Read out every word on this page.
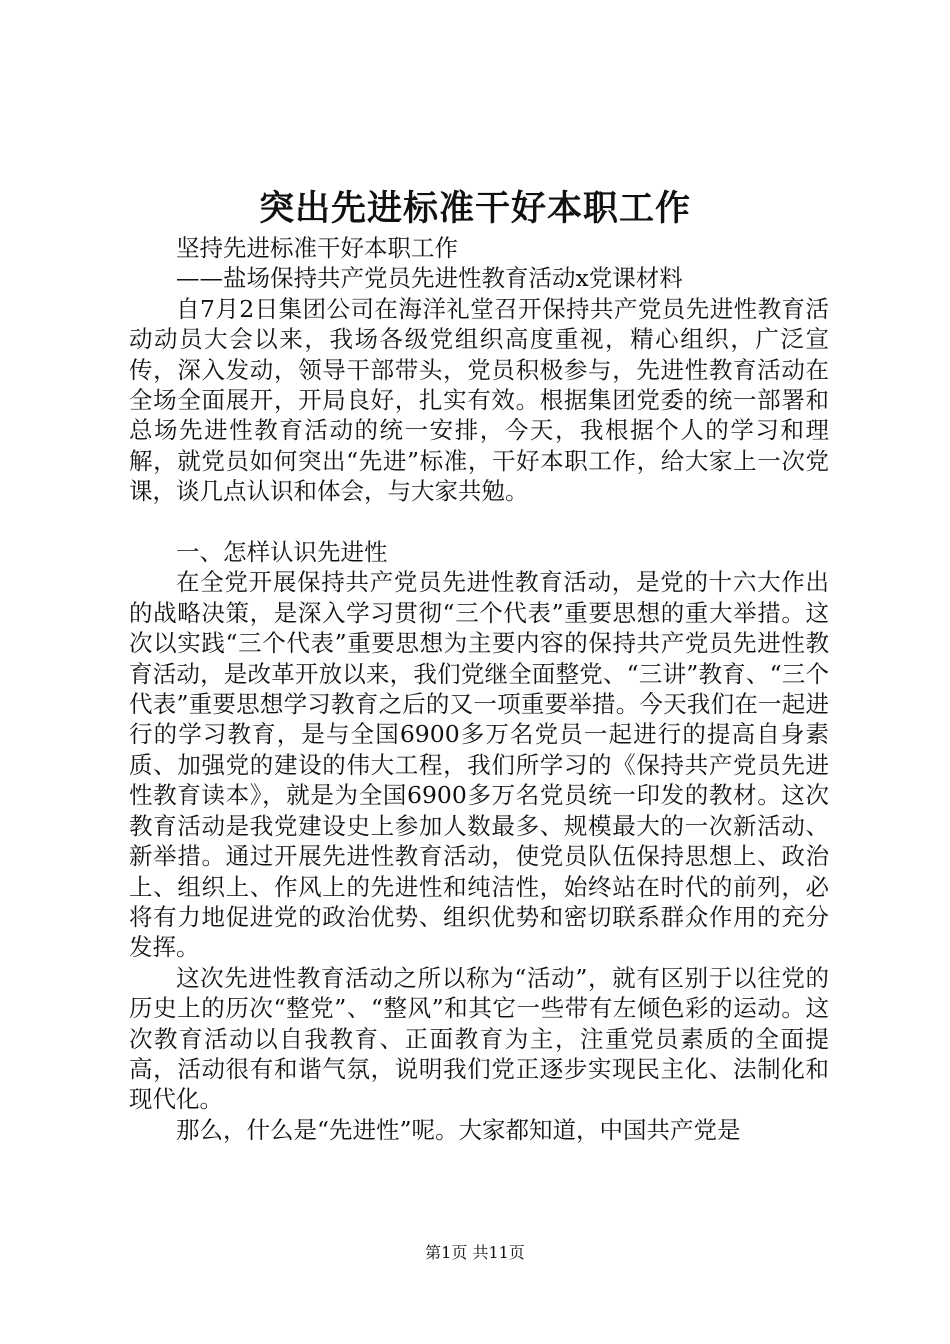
突出先进标准干好本职工作

坚持先进标准干好本职工作

——盐场保持共产党员先进性教育活动x党课材料

自7月2日集团公司在海洋礼堂召开保持共产党员先进性教育活动动员大会以来，我场各级党组织高度重视，精心组织，广泛宣传，深入发动，领导干部带头，党员积极参与，先进性教育活动在全场全面展开，开局良好，扎实有效。根据集团党委的统一部署和总场先进性教育活动的统一安排，今天，我根据个人的学习和理解，就党员如何突出“先进”标准，干好本职工作，给大家上一次党课，谈几点认识和体会，与大家共勉。

一、怎样认识先进性

在全党开展保持共产党员先进性教育活动，是党的十六大作出的战略决策，是深入学习贯彻“三个代表”重要思想的重大举措。这次以实践“三个代表”重要思想为主要内容的保持共产党员先进性教育活动，是改革开放以来，我们党继全面整党、“三讲”教育、“三个代表”重要思想学习教育之后的又一项重要举措。今天我们在一起进行的学习教育，是与全国6900多万名党员一起进行的提高自身素质、加强党的建设的伟大工程，我们所学习的《保持共产党员先进性教育读本》，就是为全国6900多万名党员统一印发的教材。这次教育活动是我党建设史上参加人数最多、规模最大的一次新活动、新举措。通过开展先进性教育活动，使党员队伍保持思想上、政治上、组织上、作风上的先进性和纯洁性，始终站在时代的前列，必将有力地促进党的政治优势、组织优势和密切联系群众作用的充分发挥。

这次先进性教育活动之所以称为“活动”，就有区别于以往党的历史上的历次“整党”、“整风”和其它一些带有左倾色彩的运动。这次教育活动以自我教育、正面教育为主，注重党员素质的全面提高，活动很有和谐气氛，说明我们党正逐步实现民主化、法制化和现代化。

那么，什么是“先进性”呢。大家都知道，中国共产党是

第1页 共11页
